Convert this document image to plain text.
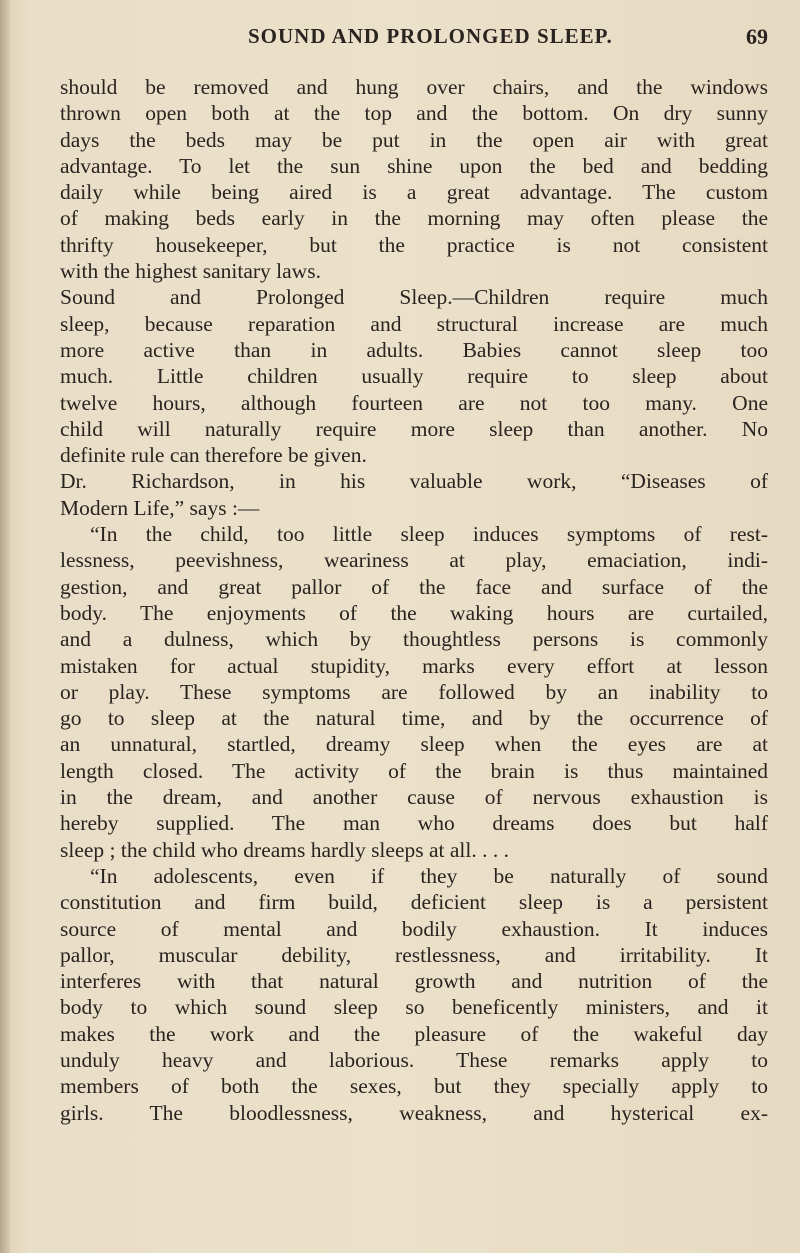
SOUND AND PROLONGED SLEEP.	69
should be removed and hung over chairs, and the windows
thrown open both at the top and the bottom. On dry sunny
days the beds may be put in the open air with great
advantage. To let the sun shine upon the bed and bedding
daily while being aired is a great advantage. The custom
of making beds early in the morning may often please the
thrifty housekeeper, but the practice is not consistent
with the highest sanitary laws.
Sound and Prolonged Sleep.—Children require much
sleep, because reparation and structural increase are much
more active than in adults. Babies cannot sleep too
much. Little children usually require to sleep about
twelve hours, although fourteen are not too many. One
child will naturally require more sleep than another. No
definite rule can therefore be given.
Dr. Richardson, in his valuable work, “Diseases of
Modern Life,” says :—
“In the child, too little sleep induces symptoms of rest-
lessness, peevishness, weariness at play, emaciation, indi-
gestion, and great pallor of the face and surface of the
body. The enjoyments of the waking hours are curtailed,
and a dulness, which by thoughtless persons is commonly
mistaken for actual stupidity, marks every effort at lesson
or play. These symptoms are followed by an inability to
go to sleep at the natural time, and by the occurrence of
an unnatural, startled, dreamy sleep when the eyes are at
length closed. The activity of the brain is thus maintained
in the dream, and another cause of nervous exhaustion is
hereby supplied. The man who dreams does but half
sleep ; the child who dreams hardly sleeps at all. . . .
“In adolescents, even if they be naturally of sound
constitution and firm build, deficient sleep is a persistent
source of mental and bodily exhaustion. It induces
pallor, muscular debility, restlessness, and irritability. It
interferes with that natural growth and nutrition of the
body to which sound sleep so beneficently ministers, and it
makes the work and the pleasure of the wakeful day
unduly heavy and laborious. These remarks apply to
members of both the sexes, but they specially apply to
girls. The bloodlessness, weakness, and hysterical ex-
